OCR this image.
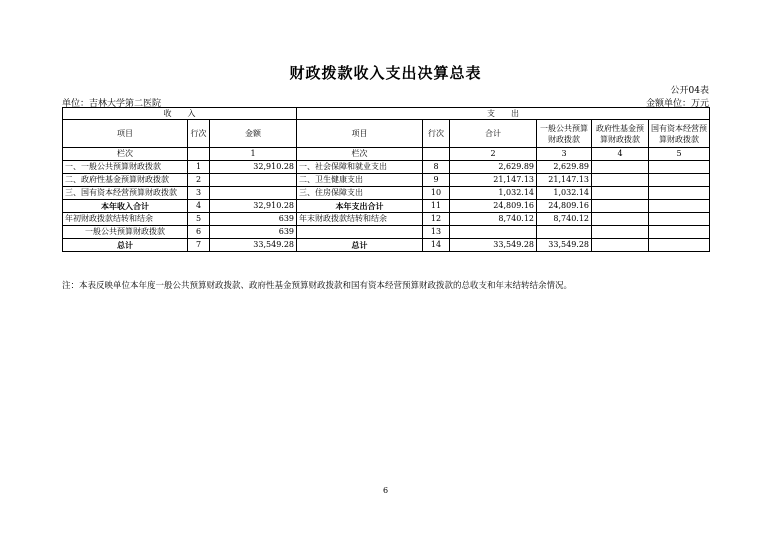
财政拨款收入支出决算总表
公开04表
单位：吉林大学第二医院	金额单位：万元
收　　入			支　　出					
项目	行次	金额	项目	行次	合计	一般公共预算财政拨款	政府性基金预算财政拨款	国有资本经营预算财政拨款
栏次		1	栏次		2	3	4	5
一、一般公共预算财政拨款	1	32,910.28	一、社会保障和就业支出	8	2,629.89	2,629.89		
二、政府性基金预算财政拨款	2		二、卫生健康支出	9	21,147.13	21,147.13		
三、国有资本经营预算财政拨款	3		三、住房保障支出	10	1,032.14	1,032.14		
本年收入合计	4	32,910.28	本年支出合计	11	24,809.16	24,809.16		
年初财政拨款结转和结余	5	639	年末财政拨款结转和结余	12	8,740.12	8,740.12		
一般公共预算财政拨款	6	639		13				
总计	7	33,549.28	总计	14	33,549.28	33,549.28		
注：本表反映单位本年度一般公共预算财政拨款、政府性基金预算财政拨款和国有资本经营预算财政拨款的总收支和年末结转结余情况。
6
